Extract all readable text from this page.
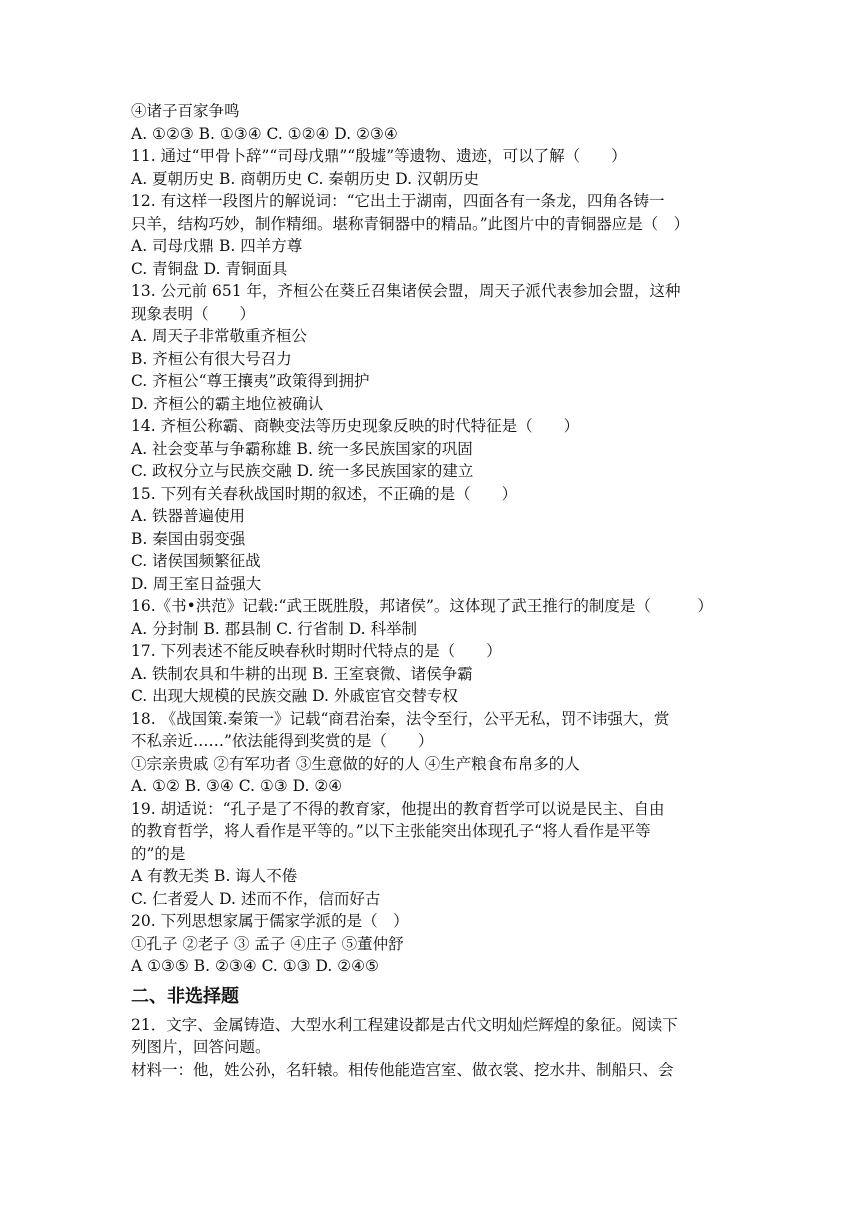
④诸子百家争鸣
A. ①②③ B. ①③④ C. ①②④ D. ②③④
11. 通过“甲骨卜辞”“司母戊鼎”“殷墟”等遗物、遗迹，可以了解（　　）
A. 夏朝历史 B. 商朝历史 C. 秦朝历史 D. 汉朝历史
12. 有这样一段图片的解说词：“它出土于湖南，四面各有一条龙，四角各铸一
只羊，结构巧妙，制作精细。堪称青铜器中的精品。”此图片中的青铜器应是（　）
A. 司母戊鼎 B. 四羊方尊
C. 青铜盘 D. 青铜面具
13. 公元前 651 年，齐桓公在葵丘召集诸侯会盟，周天子派代表参加会盟，这种
现象表明（　　）
A. 周天子非常敬重齐桓公
B. 齐桓公有很大号召力
C. 齐桓公“尊王攘夷”政策得到拥护
D. 齐桓公的霸主地位被确认
14. 齐桓公称霸、商鞅变法等历史现象反映的时代特征是（　　）
A. 社会变革与争霸称雄 B. 统一多民族国家的巩固
C. 政权分立与民族交融 D. 统一多民族国家的建立
15. 下列有关春秋战国时期的叙述，不正确的是（　　）
A. 铁器普遍使用
B. 秦国由弱变强
C. 诸侯国频繁征战
D. 周王室日益强大
16.《书•洪范》记载:“武王既胜殷，邦诸侯”。这体现了武王推行的制度是（　　　）
A. 分封制 B. 郡县制 C. 行省制 D. 科举制
17. 下列表述不能反映春秋时期时代特点的是（　　）
A. 铁制农具和牛耕的出现 B. 王室衰微、诸侯争霸
C. 出现大规模的民族交融 D. 外戚宦官交替专权
18. 《战国策.秦策一》记载“商君治秦，法令至行，公平无私，罚不讳强大，赏
不私亲近……”依法能得到奖赏的是（　　）
①宗亲贵戚 ②有军功者 ③生意做的好的人 ④生产粮食布帛多的人
A. ①② B. ③④ C. ①③ D. ②④
19. 胡适说：“孔子是了不得的教育家，他提出的教育哲学可以说是民主、自由
的教育哲学，将人看作是平等的。”以下主张能突出体现孔子“将人看作是平等
的”的是
A 有教无类 B. 诲人不倦
C. 仁者爱人 D. 述而不作，信而好古
20. 下列思想家属于儒家学派的是（　）
①孔子 ②老子 ③ 孟子 ④庄子 ⑤董仲舒
A ①③⑤ B. ②③④ C. ①③ D. ②④⑤
二、非选择题
21．文字、金属铸造、大型水利工程建设都是古代文明灿烂辉煌的象征。阅读下
列图片，回答问题。
材料一：他，姓公孙，名轩辕。相传他能造宫室、做衣裳、挖水井、制船只、会
